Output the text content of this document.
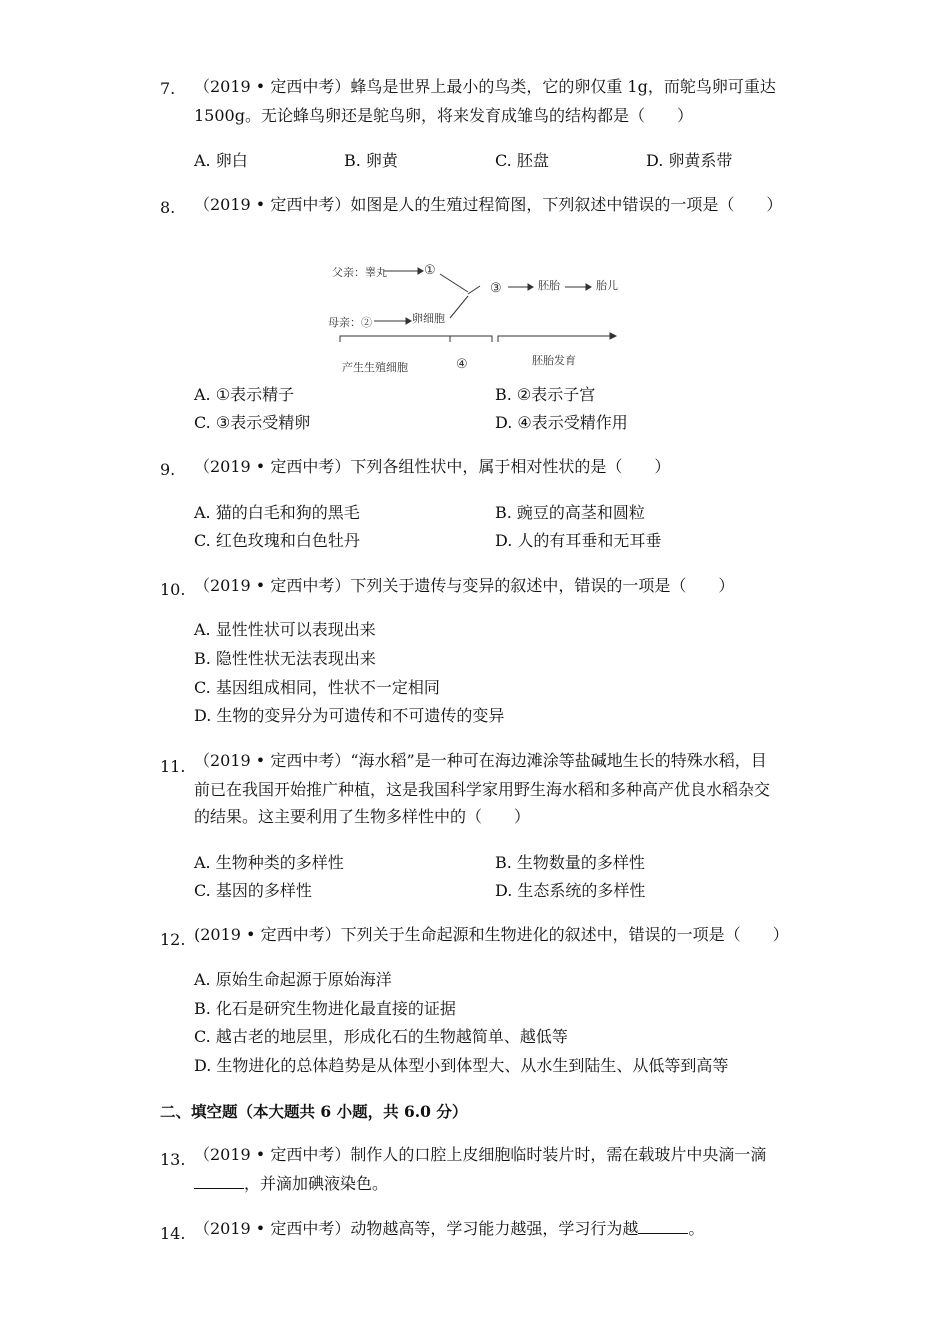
7. （2019 • 定西中考）蜂鸟是世界上最小的鸟类，它的卵仅重 1g，而鸵鸟卵可重达
1500g。无论蜂鸟卵还是鸵鸟卵，将来发育成雏鸟的结构都是（　　）
A. 卵白	B. 卵黄	C. 胚盘	D. 卵黄系带
8. （2019 • 定西中考）如图是人的生殖过程简图，下列叙述中错误的一项是（　　）
父亲：睾丸	①
母亲：②	卵细胞
③	胚胎	胎儿
产生生殖细胞	④	胚胎发育
A. ①表示精子	B. ②表示子宫
C. ③表示受精卵	D. ④表示受精作用
9. （2019 • 定西中考）下列各组性状中，属于相对性状的是（　　）
A. 猫的白毛和狗的黑毛	B. 豌豆的高茎和圆粒
C. 红色玫瑰和白色牡丹	D. 人的有耳垂和无耳垂
10. （2019 • 定西中考）下列关于遗传与变异的叙述中，错误的一项是（　　）
A. 显性性状可以表现出来
B. 隐性性状无法表现出来
C. 基因组成相同，性状不一定相同
D. 生物的变异分为可遗传和不可遗传的变异
11. （2019 • 定西中考）“海水稻”是一种可在海边滩涂等盐碱地生长的特殊水稻，目
前已在我国开始推广种植，这是我国科学家用野生海水稻和多种高产优良水稻杂交
的结果。这主要利用了生物多样性中的（　　）
A. 生物种类的多样性	B. 生物数量的多样性
C. 基因的多样性	D. 生态系统的多样性
12. (2019 • 定西中考）下列关于生命起源和生物进化的叙述中，错误的一项是（　　）
A. 原始生命起源于原始海洋
B. 化石是研究生物进化最直接的证据
C. 越古老的地层里，形成化石的生物越简单、越低等
D. 生物进化的总体趋势是从体型小到体型大、从水生到陆生、从低等到高等
二、填空题（本大题共 6 小题，共 6.0 分）
13. （2019 • 定西中考）制作人的口腔上皮细胞临时装片时，需在载玻片中央滴一滴
，并滴加碘液染色。
14. （2019 • 定西中考）动物越高等，学习能力越强，学习行为越	。
